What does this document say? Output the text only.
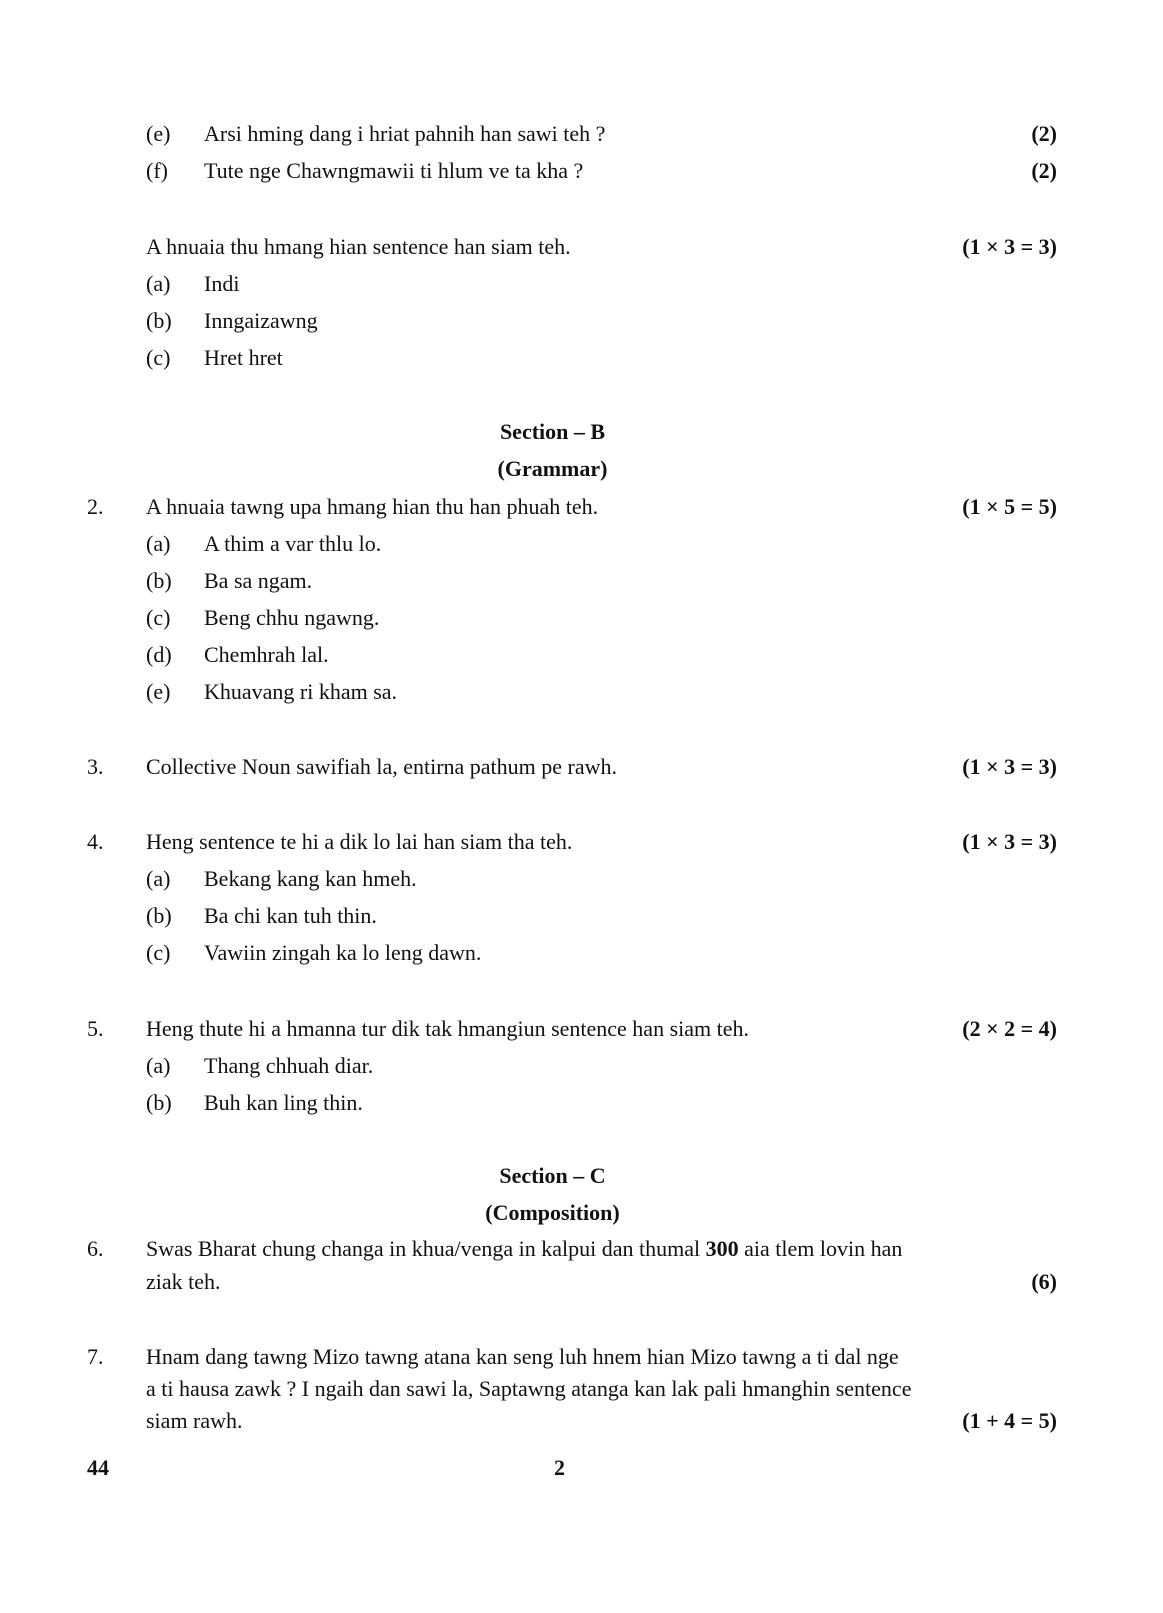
(e) Arsi hming dang i hriat pahnih han sawi teh ?	(2)
(f) Tute nge Chawngmawii ti hlum ve ta kha ?	(2)
A hnuaia thu hmang hian sentence han siam teh.	(1 × 3 = 3)
(a) Indi
(b) Inngaizawng
(c) Hret hret
Section – B
(Grammar)
2. A hnuaia tawng upa hmang hian thu han phuah teh.	(1 × 5 = 5)
(a) A thim a var thlu lo.
(b) Ba sa ngam.
(c) Beng chhu ngawng.
(d) Chemhrah lal.
(e) Khuavang ri kham sa.
3. Collective Noun sawifiah la, entirna pathum pe rawh.	(1 × 3 = 3)
4. Heng sentence te hi a dik lo lai han siam tha teh.	(1 × 3 = 3)
(a) Bekang kang kan hmeh.
(b) Ba chi kan tuh thin.
(c) Vawiin zingah ka lo leng dawn.
5. Heng thute hi a hmanna tur dik tak hmangiun sentence han siam teh.	(2 × 2 = 4)
(a) Thang chhuah diar.
(b) Buh kan ling thin.
Section – C
(Composition)
6. Swas Bharat chung changa in khua/venga in kalpui dan thumal 300 aia tlem lovin han
ziak teh.	(6)
7. Hnam dang tawng Mizo tawng atana kan seng luh hnem hian Mizo tawng a ti dal nge
a ti hausa zawk ? I ngaih dan sawi la, Saptawng atanga kan lak pali hmanghin sentence
siam rawh.	(1 + 4 = 5)
44	2
